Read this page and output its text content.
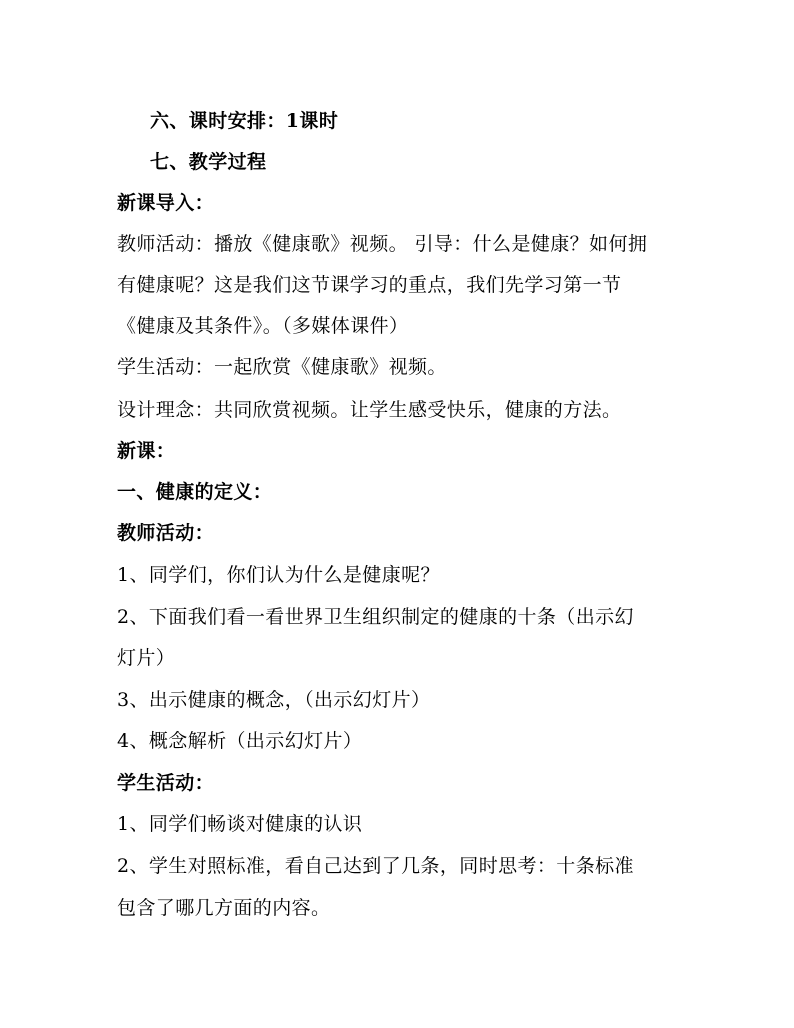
六、课时安排：1课时
七、教学过程
新课导入：
教师活动：播放《健康歌》视频。 引导：什么是健康？如何拥
有健康呢？这是我们这节课学习的重点，我们先学习第一节
《健康及其条件》。（多媒体课件）
学生活动：一起欣赏《健康歌》视频。
设计理念：共同欣赏视频。让学生感受快乐，健康的方法。
新课：
一、健康的定义：
教师活动：
1、同学们，你们认为什么是健康呢？
2、下面我们看一看世界卫生组织制定的健康的十条（出示幻
灯片）
3、出示健康的概念，（出示幻灯片）
4、概念解析（出示幻灯片）
学生活动：
1、同学们畅谈对健康的认识
2、学生对照标准，看自己达到了几条，同时思考：十条标准
包含了哪几方面的内容。
